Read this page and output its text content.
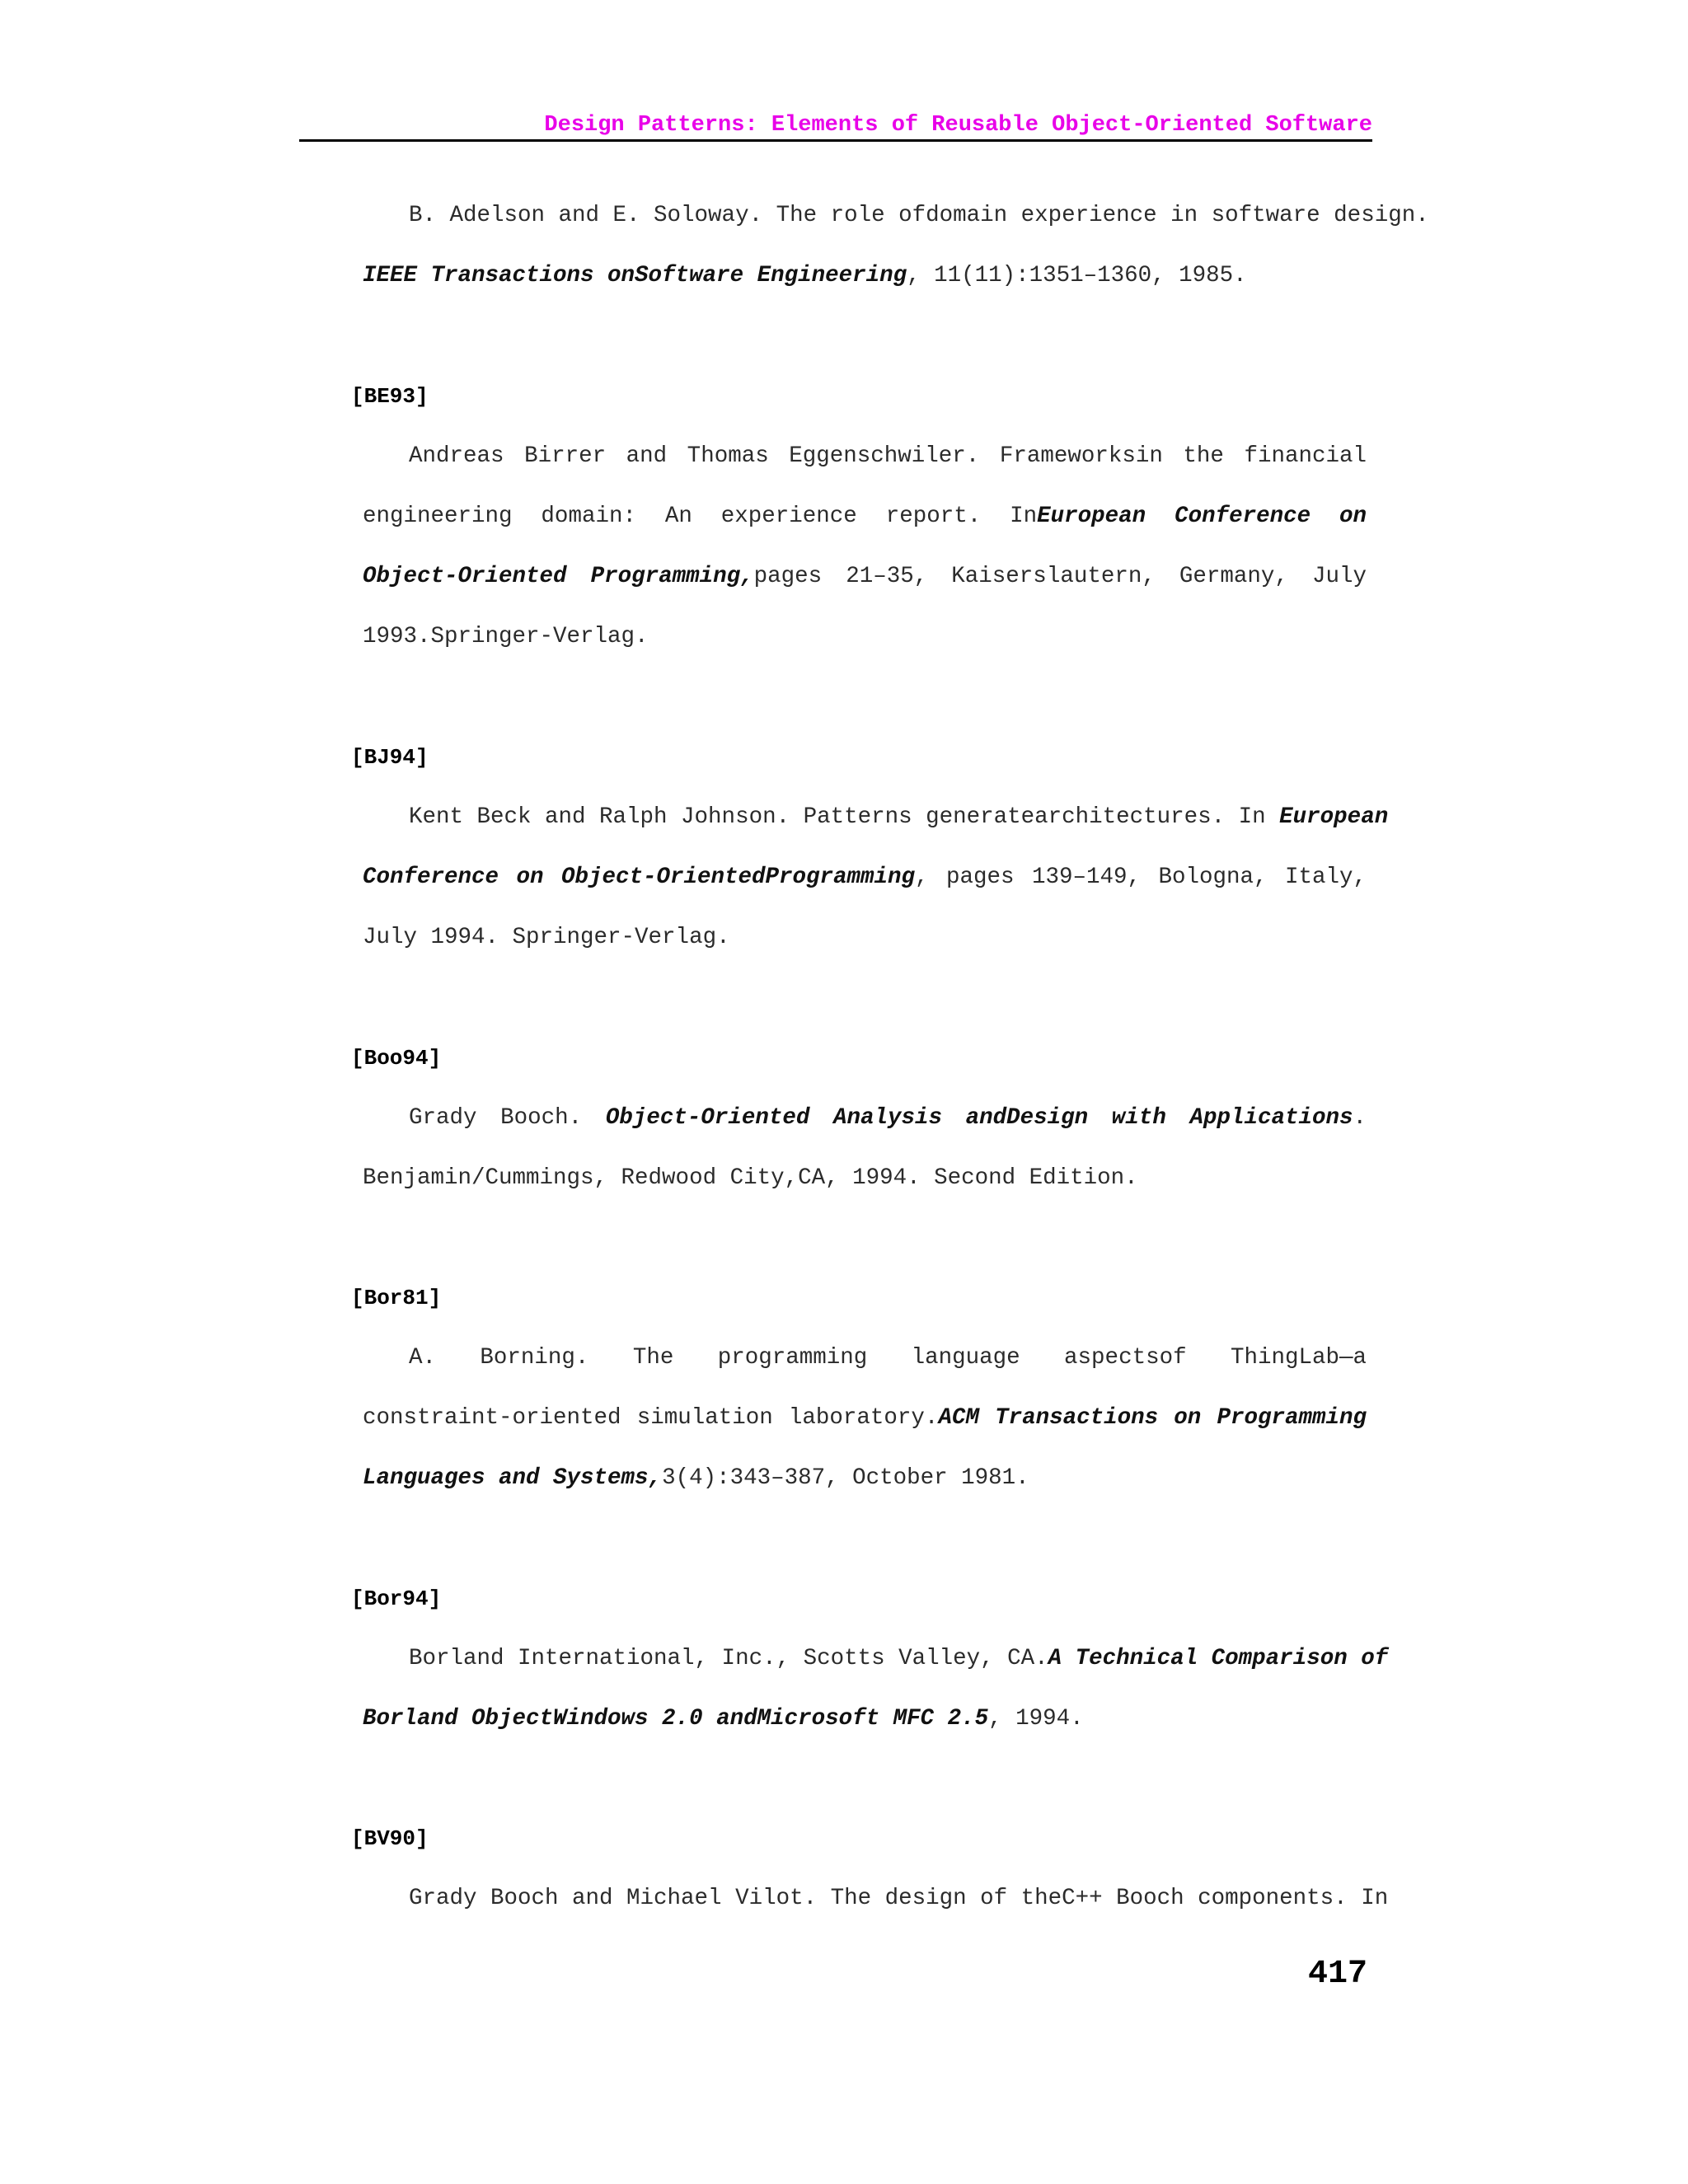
Design Patterns: Elements of Reusable Object-Oriented Software
B. Adelson and E. Soloway. The role ofdomain experience in software design.
IEEE Transactions onSoftware Engineering, 11(11):1351–1360, 1985.
[BE93]
Andreas Birrer and Thomas Eggenschwiler. Frameworksin the financial
engineering domain: An experience report. InEuropean Conference on
Object-Oriented Programming,pages 21–35, Kaiserslautern, Germany, July
1993.Springer-Verlag.
[BJ94]
Kent Beck and Ralph Johnson. Patterns generatearchitectures. In European
Conference on Object-OrientedProgramming, pages 139–149, Bologna, Italy,
July 1994. Springer-Verlag.
[Boo94]
Grady Booch. Object-Oriented Analysis andDesign with Applications.
Benjamin/Cummings, Redwood City,CA, 1994. Second Edition.
[Bor81]
A. Borning. The programming language aspectsof ThingLab—a
constraint-oriented simulation laboratory.ACM Transactions on Programming
Languages and Systems,3(4):343–387, October 1981.
[Bor94]
Borland International, Inc., Scotts Valley, CA.A Technical Comparison of
Borland ObjectWindows 2.0 andMicrosoft MFC 2.5, 1994.
[BV90]
Grady Booch and Michael Vilot. The design of theC++ Booch components. In
417
